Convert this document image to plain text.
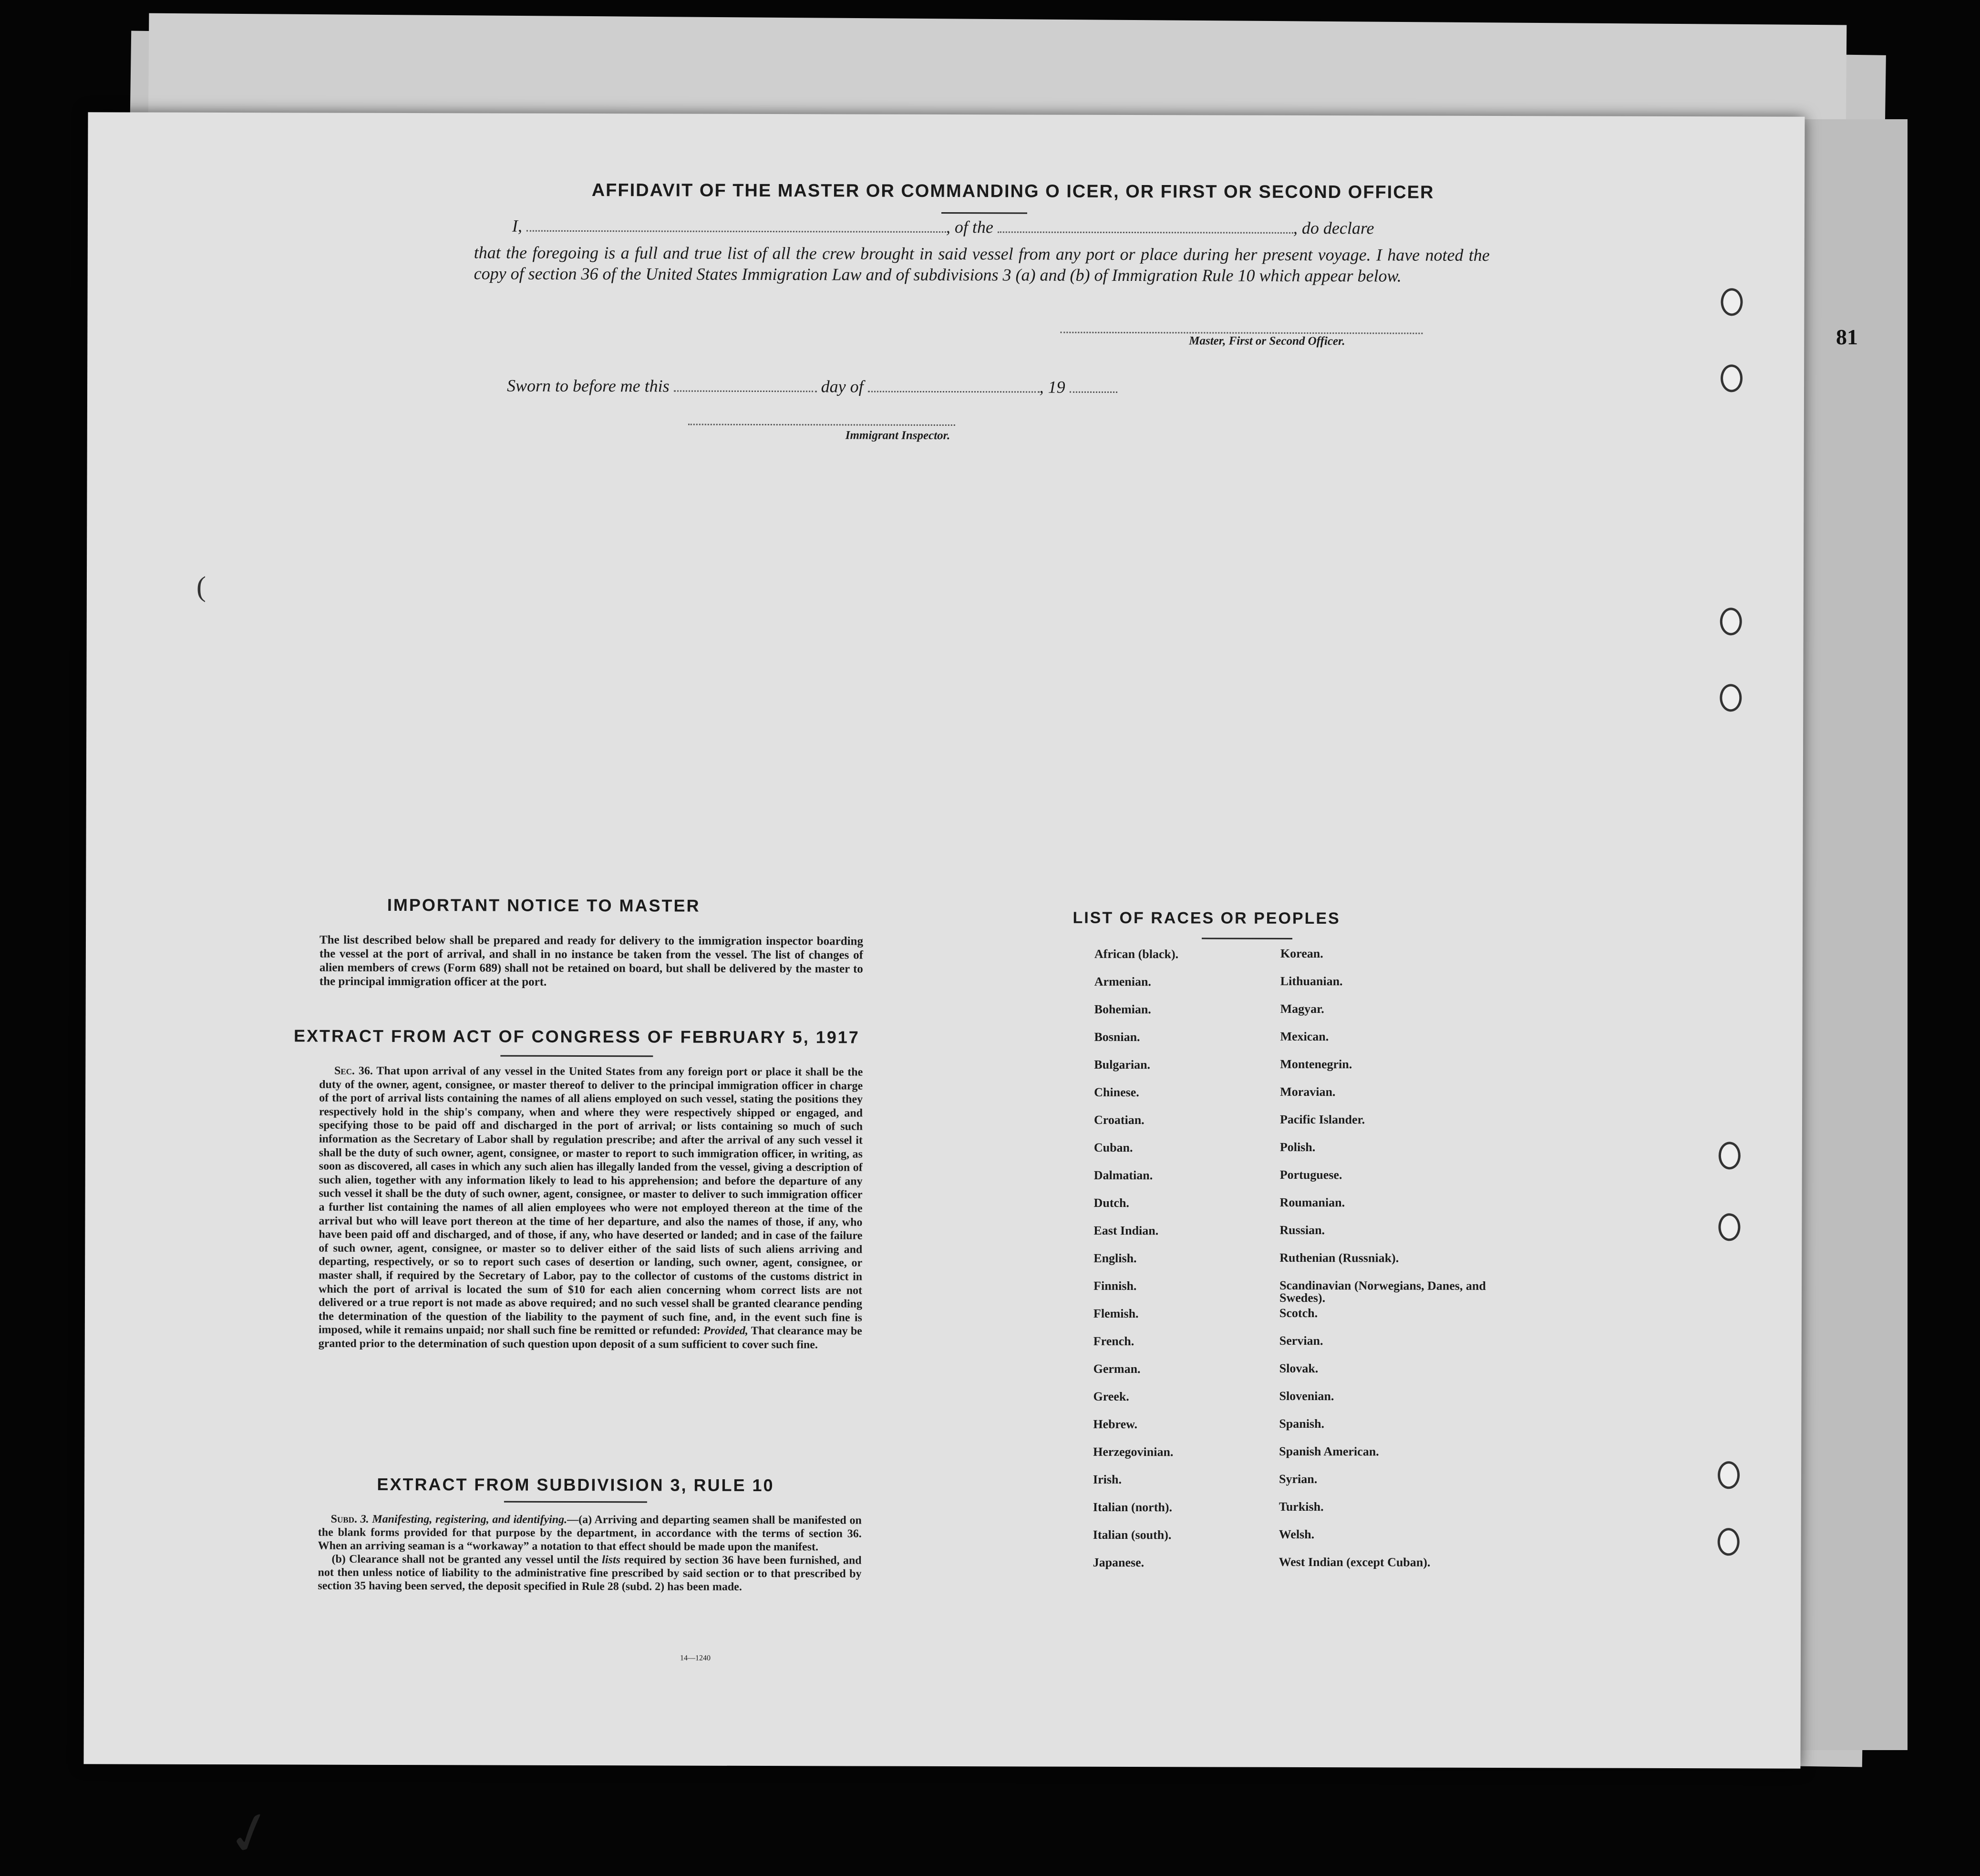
81
(
AFFIDAVIT OF THE MASTER OR COMMANDING O ICER, OR FIRST OR SECOND OFFICER
I,	, of the	, do declare
that the foregoing is a full and true list of all the crew brought in said vessel from any port or place during her present voyage. I have noted the copy of section 36 of the United States Immigration Law and of subdivisions 3 (a) and (b) of Immigration Rule 10 which appear below.
Master, First or Second Officer.
Sworn to before me this	day of	, 19
Immigrant Inspector.
IMPORTANT NOTICE TO MASTER
The list described below shall be prepared and ready for delivery to the immigration inspector boarding the vessel at the port of arrival, and shall in no instance be taken from the vessel. The list of changes of alien members of crews (Form 689) shall not be retained on board, but shall be delivered by the master to the principal immigration officer at the port.
EXTRACT FROM ACT OF CONGRESS OF FEBRUARY 5, 1917
Sec. 36. That upon arrival of any vessel in the United States from any foreign port or place it shall be the duty of the owner, agent, consignee, or master thereof to deliver to the principal immigration officer in charge of the port of arrival lists containing the names of all aliens employed on such vessel, stating the positions they respectively hold in the ship's company, when and where they were respectively shipped or engaged, and specifying those to be paid off and discharged in the port of arrival; or lists containing so much of such information as the Secretary of Labor shall by regulation prescribe; and after the arrival of any such vessel it shall be the duty of such owner, agent, consignee, or master to report to such immigration officer, in writing, as soon as discovered, all cases in which any such alien has illegally landed from the vessel, giving a description of such alien, together with any information likely to lead to his apprehension; and before the departure of any such vessel it shall be the duty of such owner, agent, consignee, or master to deliver to such immigration officer a further list containing the names of all alien employees who were not employed thereon at the time of the arrival but who will leave port thereon at the time of her departure, and also the names of those, if any, who have been paid off and discharged, and of those, if any, who have deserted or landed; and in case of the failure of such owner, agent, consignee, or master so to deliver either of the said lists of such aliens arriving and departing, respectively, or so to report such cases of desertion or landing, such owner, agent, consignee, or master shall, if required by the Secretary of Labor, pay to the collector of customs of the customs district in which the port of arrival is located the sum of $10 for each alien concerning whom correct lists are not delivered or a true report is not made as above required; and no such vessel shall be granted clearance pending the determination of the question of the liability to the payment of such fine, and, in the event such fine is imposed, while it remains unpaid; nor shall such fine be remitted or refunded: Provided, That clearance may be granted prior to the determination of such question upon deposit of a sum sufficient to cover such fine.
EXTRACT FROM SUBDIVISION 3, RULE 10
Subd. 3. Manifesting, registering, and identifying.—(a) Arriving and departing seamen shall be manifested on the blank forms provided for that purpose by the department, in accordance with the terms of section 36. When an arriving seaman is a “workaway” a notation to that effect should be made upon the manifest.
(b) Clearance shall not be granted any vessel until the lists required by section 36 have been furnished, and not then unless notice of liability to the administrative fine prescribed by said section or to that prescribed by section 35 having been served, the deposit specified in Rule 28 (subd. 2) has been made.
14—1240
LIST OF RACES OR PEOPLES
African (black).	Korean.
Armenian.	Lithuanian.
Bohemian.	Magyar.
Bosnian.	Mexican.
Bulgarian.	Montenegrin.
Chinese.	Moravian.
Croatian.	Pacific Islander.
Cuban.	Polish.
Dalmatian.	Portuguese.
Dutch.	Roumanian.
East Indian.	Russian.
English.	Ruthenian (Russniak).
Finnish.	Scandinavian (Norwegians, Danes, and Swedes).
Flemish.	Scotch.
French.	Servian.
German.	Slovak.
Greek.	Slovenian.
Hebrew.	Spanish.
Herzegovinian.	Spanish American.
Irish.	Syrian.
Italian (north).	Turkish.
Italian (south).	Welsh.
Japanese.	West Indian (except Cuban).
✓
